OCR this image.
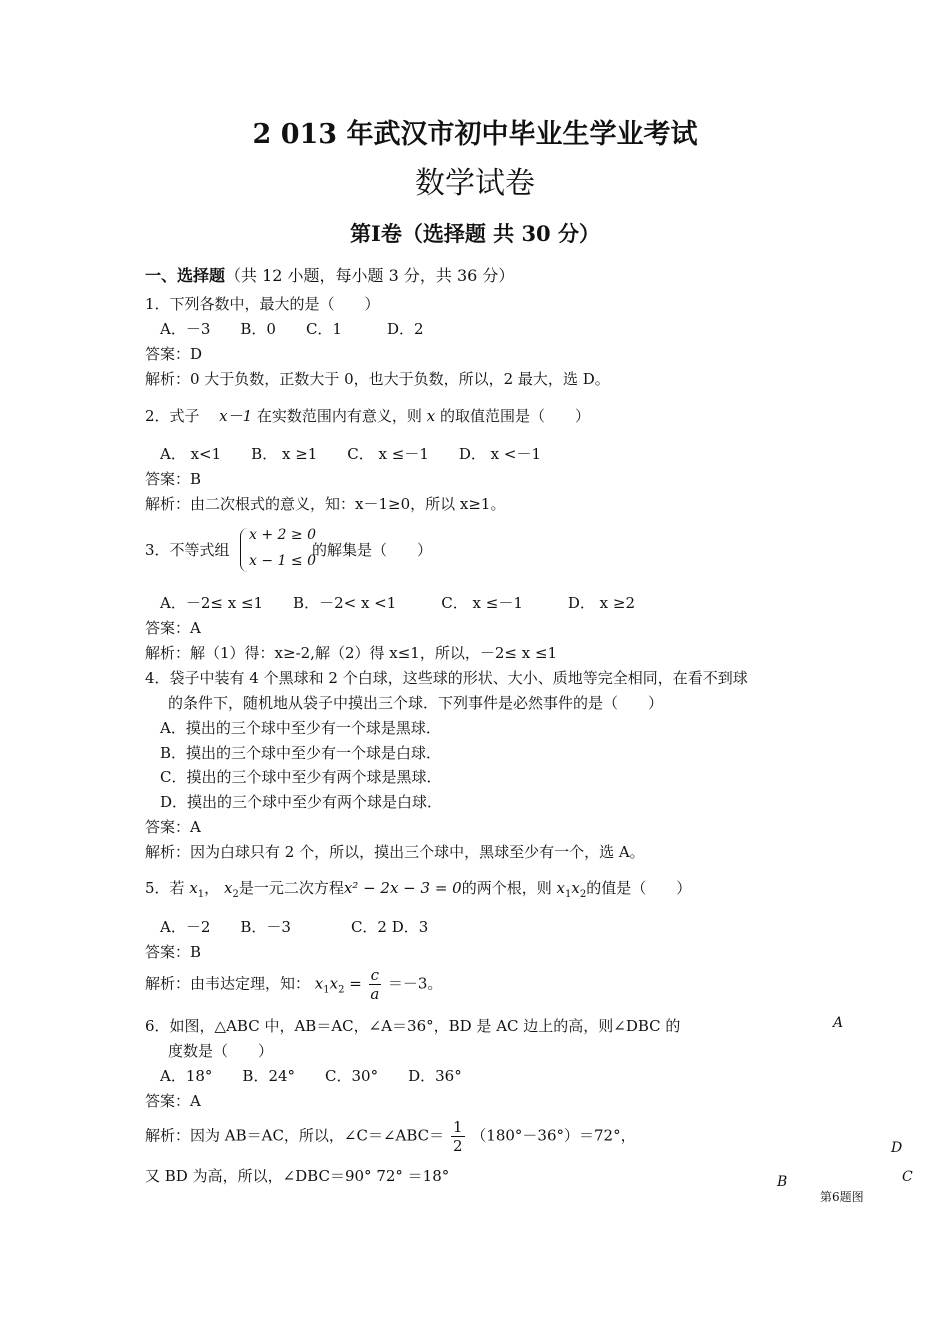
2 013 年武汉市初中毕业生学业考试
数学试卷
第Ⅰ卷（选择题 共 30 分）
一、选择题（共 12 小题，每小题 3 分，共 36 分）
1．下列各数中，最大的是（　　）
A．－3　　B．0　　C．1　　　D．2
答案：D
解析：0 大于负数，正数大于 0，也大于负数，所以，2 最大，选 D。
2．式子 x－1 在实数范围内有意义，则 x 的取值范围是（　　）
A． x<1　　B． x ≥1　　C． x ≤－1　　D． x <－1
答案：B
解析：由二次根式的意义，知：x－1≥0，所以 x≥1。
3．不等式组
x + 2 ≥ 0
x − 1 ≤ 0
的解集是（　　）
A．－2≤ x ≤1　　B．－2< x <1　　　C． x ≤－1　　　D． x ≥2
答案：A
解析：解（1）得：x≥-2,解（2）得 x≤1，所以，－2≤ x ≤1
4．袋子中装有 4 个黑球和 2 个白球，这些球的形状、大小、质地等完全相同，在看不到球
的条件下，随机地从袋子中摸出三个球．下列事件是必然事件的是（　　）
A．摸出的三个球中至少有一个球是黑球．
B．摸出的三个球中至少有一个球是白球．
C．摸出的三个球中至少有两个球是黑球．
D．摸出的三个球中至少有两个球是白球．
答案：A
解析：因为白球只有 2 个，所以，摸出三个球中，黑球至少有一个，选 A。
5．若 $x_1$， $x_2$是一元二次方程x² − 2x − 3 = 0的两个根，则 $x_1x_2$的值是（　　）
A．－2　　B．－3　　　　C．2 D．3
答案：B
解析：由韦达定理，知： $x_1x_2 = \frac{c}{a} =-3$。
6．如图，△ABC 中，AB＝AC，∠A＝36°，BD 是 AC 边上的高，则∠DBC 的
度数是（　　）
A．18°　　B．24°　　C．30°　　D．36°
答案：A
解析：因为 AB＝AC，所以，∠C＝∠ABC＝ $\frac{1}{2} (180^\circ-36^\circ)=72^\circ$，
又 BD 为高，所以，∠DBC＝90° 72° ＝18°
A
D
B	C
第6题图
